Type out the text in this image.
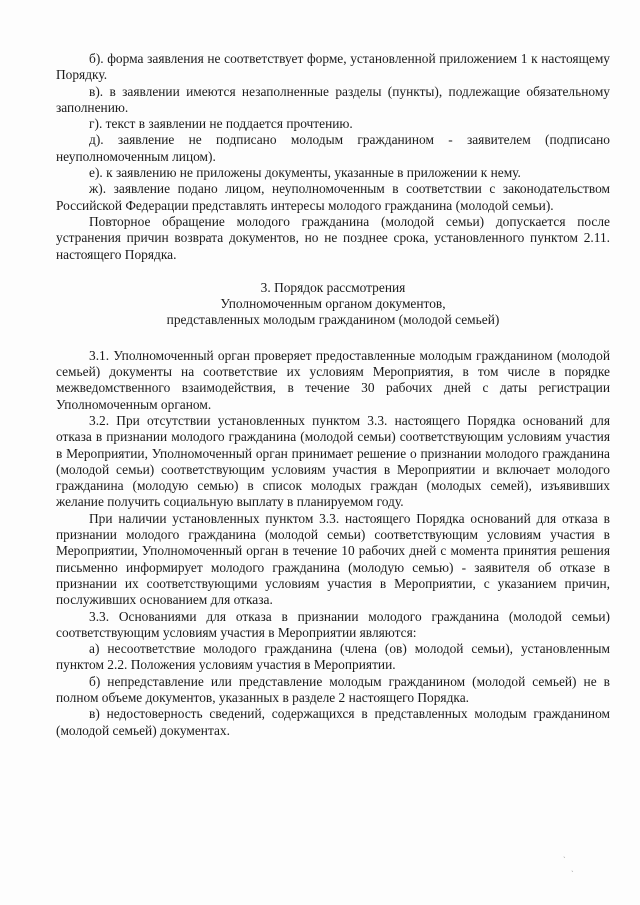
б). форма заявления не соответствует форме, установленной приложением 1 к настоящему Порядку.

в). в заявлении имеются незаполненные разделы (пункты), подлежащие обязательному заполнению.

г). текст в заявлении не поддается прочтению.

д). заявление не подписано молодым гражданином - заявителем (подписано неуполномоченным лицом).

е). к заявлению не приложены документы, указанные в приложении к нему.

ж). заявление подано лицом, неуполномоченным в соответствии с законодательством Российской Федерации представлять интересы молодого гражданина (молодой семьи).

Повторное обращение молодого гражданина (молодой семьи) допускается после устранения причин возврата документов, но не позднее срока, установленного пунктом 2.11. настоящего Порядка.

3. Порядок рассмотрения
Уполномоченным органом документов,
представленных молодым гражданином (молодой семьей)

3.1. Уполномоченный орган проверяет предоставленные молодым гражданином (молодой семьей) документы на соответствие их условиям Мероприятия, в том числе в порядке межведомственного взаимодействия, в течение 30 рабочих дней с даты регистрации Уполномоченным органом.

3.2. При отсутствии установленных пунктом 3.3. настоящего Порядка оснований для отказа в признании молодого гражданина (молодой семьи) соответствующим условиям участия в Мероприятии, Уполномоченный орган принимает решение о признании молодого гражданина (молодой семьи) соответствующим условиям участия в Мероприятии и включает молодого гражданина (молодую семью) в список молодых граждан (молодых семей), изъявивших желание получить социальную выплату в планируемом году.

При наличии установленных пунктом 3.3. настоящего Порядка оснований для отказа в признании молодого гражданина (молодой семьи) соответствующим условиям участия в Мероприятии, Уполномоченный орган в течение 10 рабочих дней с момента принятия решения письменно информирует молодого гражданина (молодую семью) - заявителя об отказе в признании их соответствующими условиям участия в Мероприятии, с указанием причин, послуживших основанием для отказа.

3.3. Основаниями для отказа в признании молодого гражданина (молодой семьи) соответствующим условиям участия в Мероприятии являются:

а) несоответствие молодого гражданина (члена (ов) молодой семьи), установленным пунктом 2.2. Положения условиям участия в Мероприятии.

б) непредставление или представление молодым гражданином (молодой семьей) не в полном объеме документов, указанных в разделе 2 настоящего Порядка.

в) недостоверность сведений, содержащихся в представленных молодым гражданином (молодой семьей) документах.

ˎ
ˏ
